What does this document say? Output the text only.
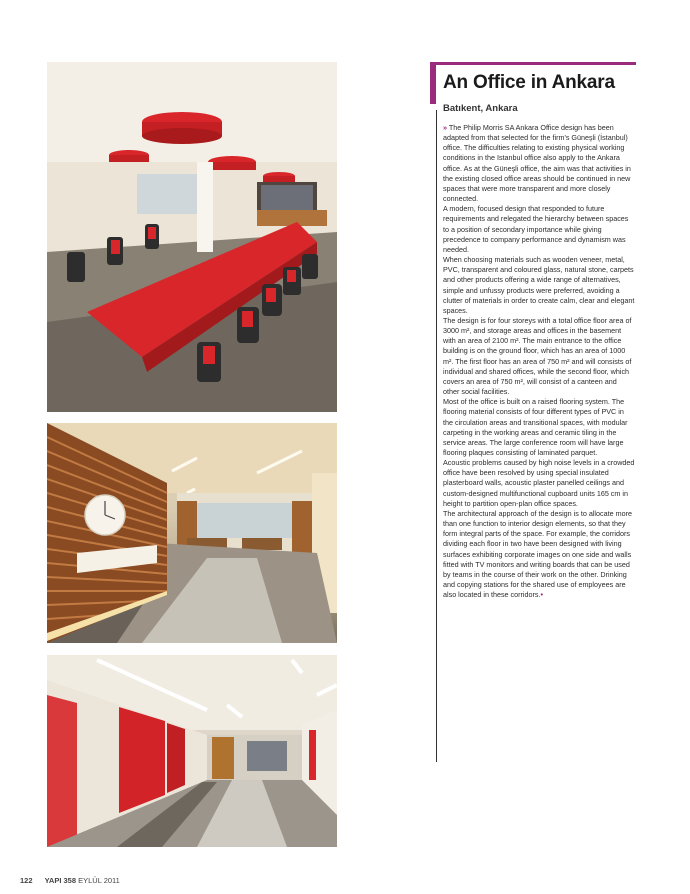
An Office in Ankara
Batıkent, Ankara

» The Philip Morris SA Ankara Office design has been adapted from that selected for the firm's Güneşli (İstanbul) office. The difficulties relating to existing physical working conditions in the Istanbul office also apply to the Ankara office. As at the Güneşli office, the aim was that activities in the existing closed office areas should be continued in new spaces that were more transparent and more closely connected.

A modern, focused design that responded to future requirements and relegated the hierarchy between spaces to a position of secondary importance while giving precedence to company performance and dynamism was needed.

When choosing materials such as wooden veneer, metal, PVC, transparent and coloured glass, natural stone, carpets and other products offering a wide range of alternatives, simple and unfussy products were preferred, avoiding a clutter of materials in order to create calm, clear and elegant spaces.

The design is for four storeys with a total office floor area of 3000 m², and storage areas and offices in the basement with an area of 2100 m². The main entrance to the office building is on the ground floor, which has an area of 1000 m². The first floor has an area of 750 m² and will consists of individual and shared offices, while the second floor, which covers an area of 750 m², will consist of a canteen and other social facilities.

Most of the office is built on a raised flooring system. The flooring material consists of four different types of PVC in the circulation areas and transitional spaces, with modular carpeting in the working areas and ceramic tiling in the service areas. The large conference room will have large flooring plaques consisting of laminated parquet.

Acoustic problems caused by high noise levels in a crowded office have been resolved by using special insulated plasterboard walls, acoustic plaster panelled ceilings and custom-designed multifunctional cupboard units 165 cm in height to partition open-plan office spaces.

The architectural approach of the design is to allocate more than one function to interior design elements, so that they form integral parts of the space. For example, the corridors dividing each floor in two have been designed with living surfaces exhibiting corporate images on one side and walls fitted with TV monitors and writing boards that can be used by teams in the course of their work on the other. Drinking and copying stations for the shared use of employees are also located in these corridors.•

122 YAPI 358 EYLÜL 2011
